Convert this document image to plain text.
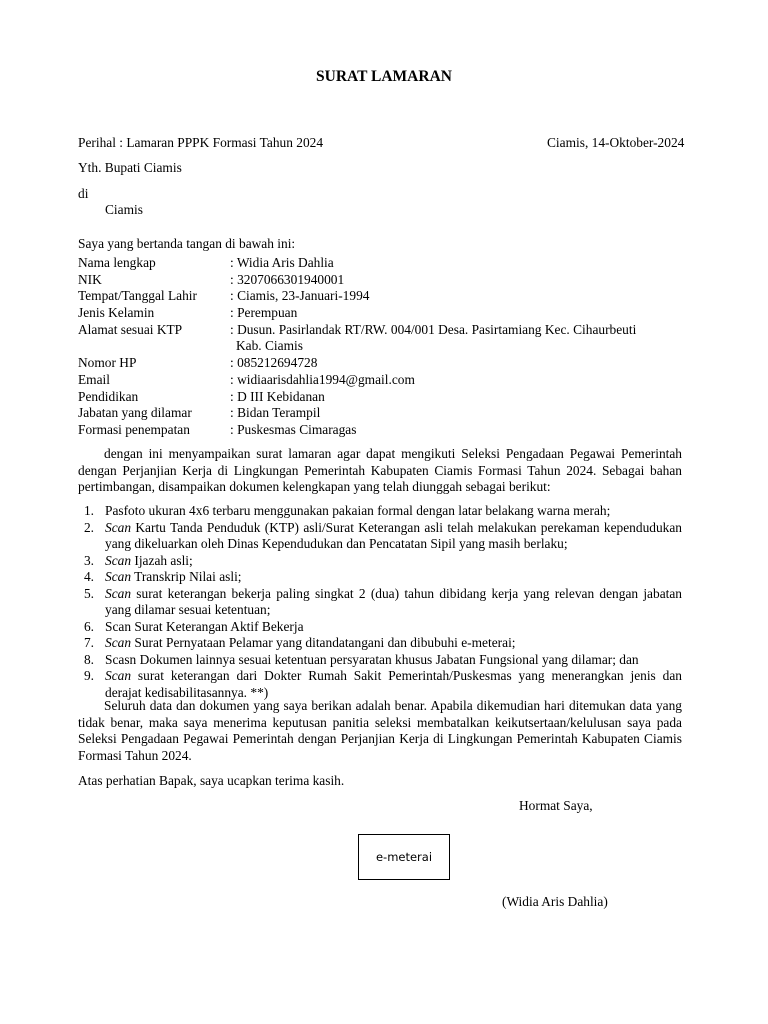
SURAT LAMARAN
Perihal : Lamaran PPPK Formasi Tahun 2024	Ciamis, 14-Oktober-2024
Yth. Bupati Ciamis
di
Ciamis
Saya yang bertanda tangan di bawah ini:
Nama lengkap	: Widia Aris Dahlia
NIK	: 3207066301940001
Tempat/Tanggal Lahir : Ciamis, 23-Januari-1994
Jenis Kelamin	: Perempuan
Alamat sesuai KTP	: Dusun. Pasirlandak RT/RW. 004/001 Desa. Pasirtamiang Kec. Cihaurbeuti
Kab. Ciamis
Nomor HP	: 085212694728
Email	: widiaarisdahlia1994@gmail.com
Pendidikan	: D III Kebidanan
Jabatan yang dilamar	: Bidan Terampil
Formasi penempatan	: Puskesmas Cimaragas

dengan ini menyampaikan surat lamaran agar dapat mengikuti Seleksi Pengadaan Pegawai Pemerintah dengan Perjanjian Kerja di Lingkungan Pemerintah Kabupaten Ciamis Formasi Tahun 2024. Sebagai bahan pertimbangan, disampaikan dokumen kelengkapan yang telah diunggah sebagai berikut:

1. Pasfoto ukuran 4x6 terbaru menggunakan pakaian formal dengan latar belakang warna merah;
2. Scan Kartu Tanda Penduduk (KTP) asli/Surat Keterangan asli telah melakukan perekaman kependudukan yang dikeluarkan oleh Dinas Kependudukan dan Pencatatan Sipil yang masih berlaku;
3. Scan Ijazah asli;
4. Scan Transkrip Nilai asli;
5. Scan surat keterangan bekerja paling singkat 2 (dua) tahun dibidang kerja yang relevan dengan jabatan yang dilamar sesuai ketentuan;
6. Scan Surat Keterangan Aktif Bekerja
7. Scan Surat Pernyataan Pelamar yang ditandatangani dan dibubuhi e-meterai;
8. Scasn Dokumen lainnya sesuai ketentuan persyaratan khusus Jabatan Fungsional yang dilamar; dan
9. Scan surat keterangan dari Dokter Rumah Sakit Pemerintah/Puskesmas yang menerangkan jenis dan derajat kedisabilitasannya. **)

Seluruh data dan dokumen yang saya berikan adalah benar. Apabila dikemudian hari ditemukan data yang tidak benar, maka saya menerima keputusan panitia seleksi membatalkan keikutsertaan/kelulusan saya pada Seleksi Pengadaan Pegawai Pemerintah dengan Perjanjian Kerja di Lingkungan Pemerintah Kabupaten Ciamis Formasi Tahun 2024.

Atas perhatian Bapak, saya ucapkan terima kasih.
Hormat Saya,
e-meterai
(Widia Aris Dahlia)
